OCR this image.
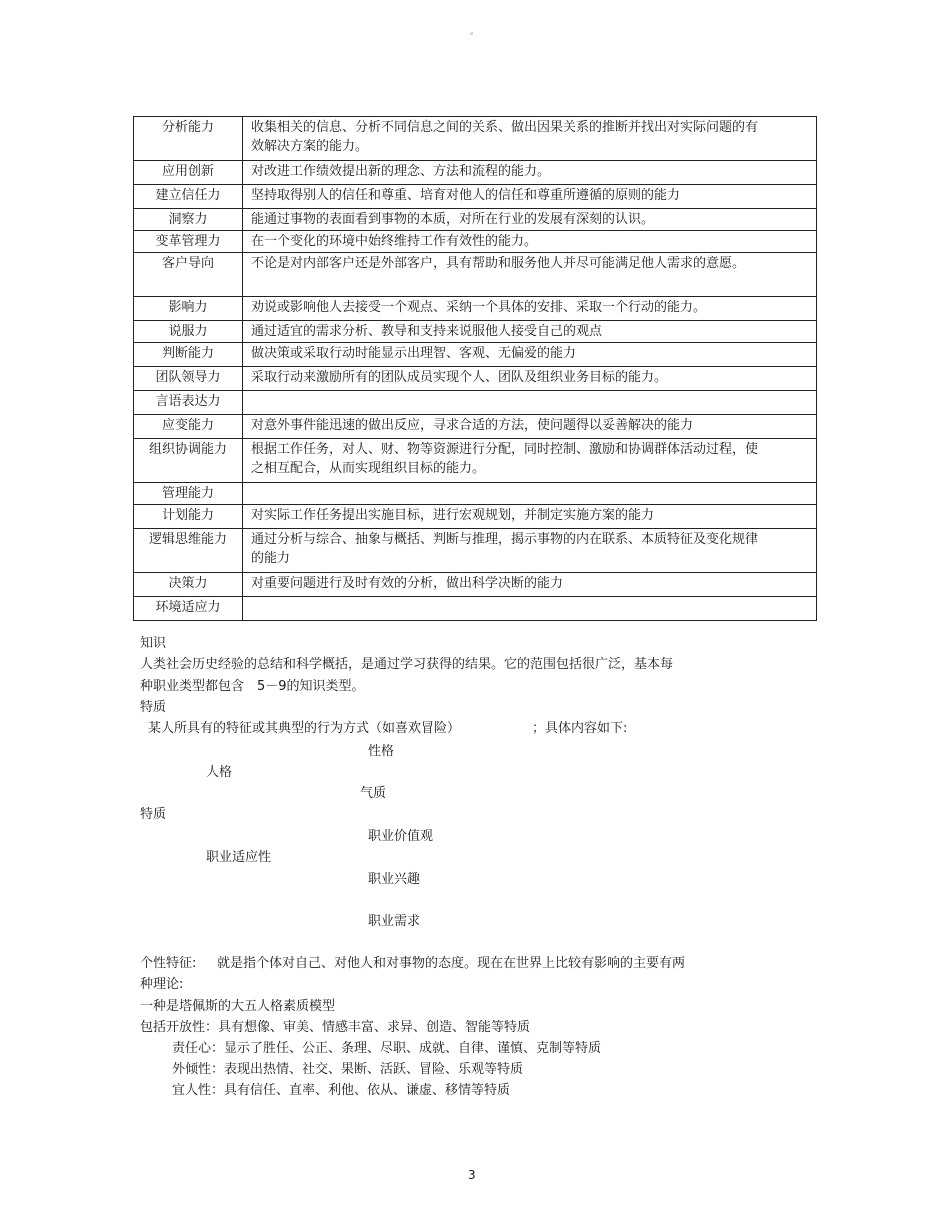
。
分析能力	收集相关的信息、分析不同信息之间的关系、做出因果关系的推断并找出对实际问题的有效解决方案的能力。
应用创新	对改进工作绩效提出新的理念、方法和流程的能力。
建立信任力	坚持取得别人的信任和尊重、培育对他人的信任和尊重所遵循的原则的能力
洞察力	能通过事物的表面看到事物的本质，对所在行业的发展有深刻的认识。
变革管理力	在一个变化的环境中始终维持工作有效性的能力。
客户导向	不论是对内部客户还是外部客户，具有帮助和服务他人并尽可能满足他人需求的意愿。
影响力	劝说或影响他人去接受一个观点、采纳一个具体的安排、采取一个行动的能力。
说服力	通过适宜的需求分析、教导和支持来说服他人接受自己的观点
判断能力	做决策或采取行动时能显示出理智、客观、无偏爱的能力
团队领导力	采取行动来激励所有的团队成员实现个人、团队及组织业务目标的能力。
言语表达力	
应变能力	对意外事件能迅速的做出反应，寻求合适的方法，使问题得以妥善解决的能力
组织协调能力	根据工作任务，对人、财、物等资源进行分配，同时控制、激励和协调群体活动过程，使之相互配合，从而实现组织目标的能力。
管理能力	
计划能力	对实际工作任务提出实施目标，进行宏观规划，并制定实施方案的能力
逻辑思维能力	通过分析与综合、抽象与概括、判断与推理，揭示事物的内在联系、本质特征及变化规律的能力
决策力	对重要问题进行及时有效的分析，做出科学决断的能力
环境适应力	
知识
人类社会历史经验的总结和科学概括，是通过学习获得的结果。它的范围包括很广泛，基本每
种职业类型都包含　5－9的知识类型。
特质
某人所具有的特征或其典型的行为方式（如喜欢冒险）	；具体内容如下:
性格
人格
气质
特质
职业价值观
职业适应性
职业兴趣
职业需求
个性特征: 就是指个体对自己、对他人和对事物的态度。现在在世界上比较有影响的主要有两
种理论:
一种是塔佩斯的大五人格素质模型
包括开放性：具有想像、审美、情感丰富、求异、创造、智能等特质
责任心：显示了胜任、公正、条理、尽职、成就、自律、谨慎、克制等特质
外倾性：表现出热情、社交、果断、活跃、冒险、乐观等特质
宜人性：具有信任、直率、利他、依从、谦虚、移情等特质
3
